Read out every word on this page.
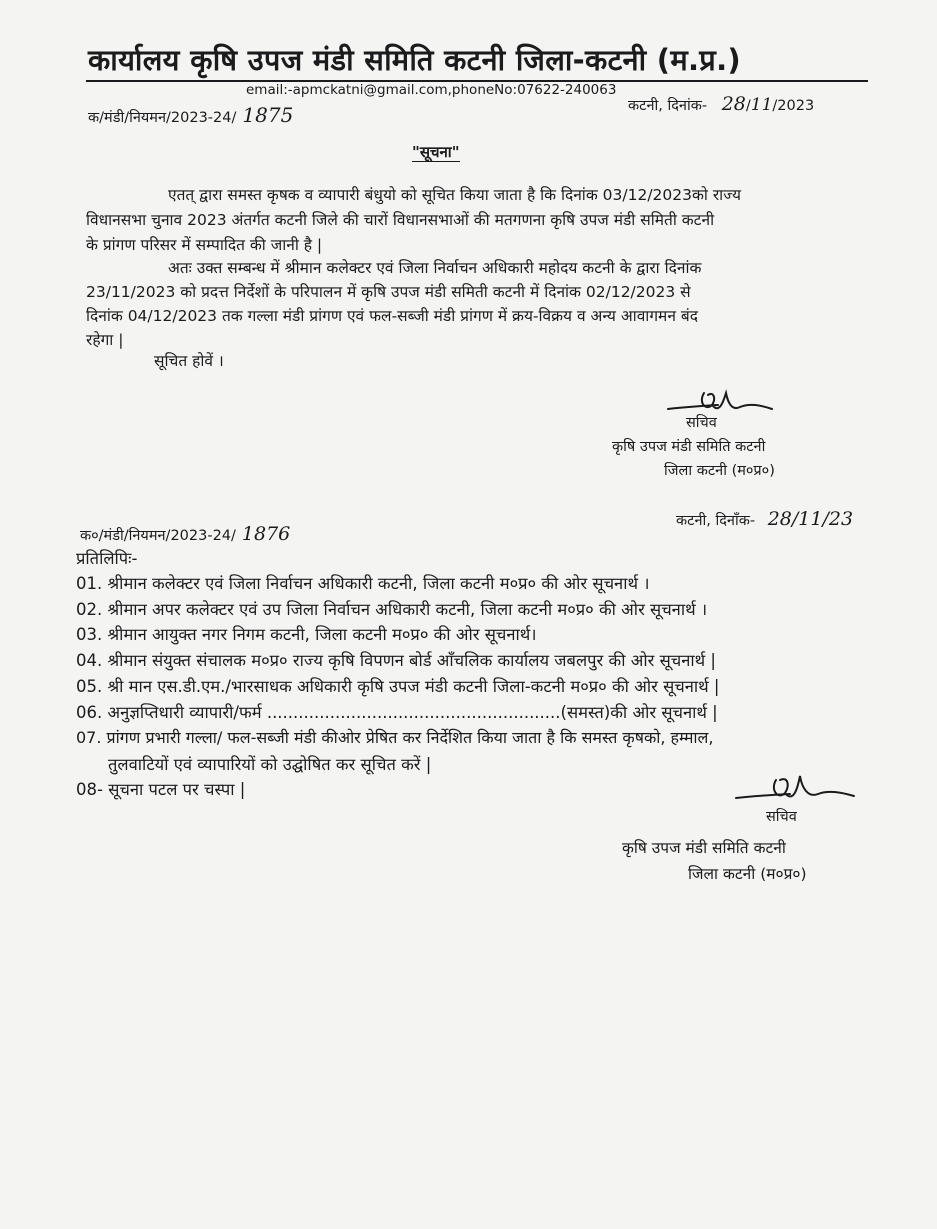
कार्यालय कृषि उपज मंडी समिति कटनी जिला-कटनी (म.प्र.)
email:-apmckatni@gmail.com,phoneNo:07622-240063
क/मंडी/नियमन/2023-24/ 1875	कटनी, दिनांक- 28/11/2023
"सूचना"
एतत् द्वारा समस्त कृषक व व्यापारी बंधुयो को सूचित किया जाता है कि दिनांक 03/12/2023को राज्य
विधानसभा चुनाव 2023 अंतर्गत कटनी जिले की चारों विधानसभाओं की मतगणना कृषि उपज मंडी समिती कटनी
के प्रांगण परिसर में सम्पादित की जानी है |
अतः उक्त सम्बन्ध में श्रीमान कलेक्टर एवं जिला निर्वाचन अधिकारी महोदय कटनी के द्वारा दिनांक
23/11/2023 को प्रदत्त निर्देशों के परिपालन में कृषि उपज मंडी समिती कटनी में दिनांक 02/12/2023 से
दिनांक 04/12/2023 तक गल्ला मंडी प्रांगण एवं फल-सब्जी मंडी प्रांगण में क्रय-विक्रय व अन्य आवागमन बंद
रहेगा |
सूचित होवें ।
सचिव
कृषि उपज मंडी समिति कटनी
जिला कटनी (म०प्र०)
क०/मंडी/नियमन/2023-24/ 1876
कटनी, दिनाँक- 28/11/23
प्रतिलिपिः-
01. श्रीमान कलेक्टर एवं जिला निर्वाचन अधिकारी कटनी, जिला कटनी म०प्र० की ओर सूचनार्थ ।
02. श्रीमान अपर कलेक्टर एवं उप जिला निर्वाचन अधिकारी कटनी, जिला कटनी म०प्र० की ओर सूचनार्थ ।
03. श्रीमान आयुक्त नगर निगम कटनी, जिला कटनी म०प्र० की ओर सूचनार्थ।
04. श्रीमान संयुक्त संचालक म०प्र० राज्य कृषि विपणन बोर्ड आँचलिक कार्यालय जबलपुर की ओर सूचनार्थ |
05. श्री मान एस.डी.एम./भारसाधक अधिकारी कृषि उपज मंडी कटनी जिला-कटनी म०प्र० की ओर सूचनार्थ |
06. अनुज्ञप्तिधारी व्यापारी/फर्म ........................................................(समस्त)की ओर सूचनार्थ |
07. प्रांगण प्रभारी गल्ला/ फल-सब्जी मंडी कीओर प्रेषित कर निर्देशित किया जाता है कि समस्त कृषको, हम्माल,
तुलवाटियों एवं व्यापारियों को उद्घोषित कर सूचित करें |
08- सूचना पटल पर चस्पा |
सचिव
कृषि उपज मंडी समिति कटनी
जिला कटनी (म०प्र०)
